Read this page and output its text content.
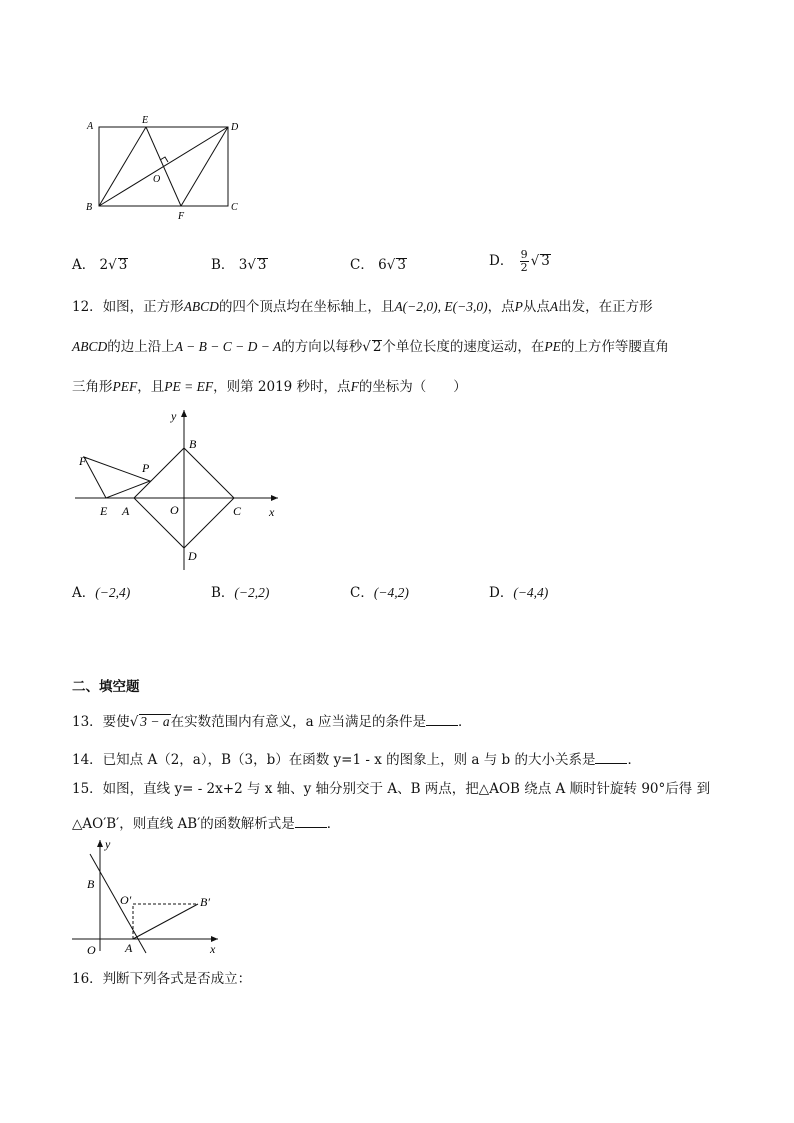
A
E
D
O
B
F
C
A． 2√ 3	B． 3√ 3	C． 6√ 3	D． $\frac{9}{2}$ √ 3
12．如图，正方形ABCD的四个顶点均在坐标轴上，且A(−2,0), E(−3,0)，点P从点A出发，在正方形
ABCD的边上沿上A − B − C − D − A的方向以每秒√ 2个单位长度的速度运动，在PE的上方作等腰直角
三角形PEF，且PE = EF，则第 2019 秒时，点F的坐标为（　　）
y
B
F	P
E A	O	C x
D
A．(−2,4)	B．(−2,2)	C．(−4,2)	D．(−4,4)
二、填空题
13．要使√ 3 − a在实数范围内有意义，a 应当满足的条件是 ．
14．已知点 A（2，a），B（3，b）在函数 y=1 - x 的图象上，则 a 与 b 的大小关系是 ．
15．如图，直线 y= - 2x+2 与 x 轴、y 轴分别交于 A、B 两点，把△AOB 绕点 A 顺时针旋转 90°后得 到
△AO′B′，则直线 AB′的函数解析式是 ．
y
B
O′	B′
O A	x
16．判断下列各式是否成立：
